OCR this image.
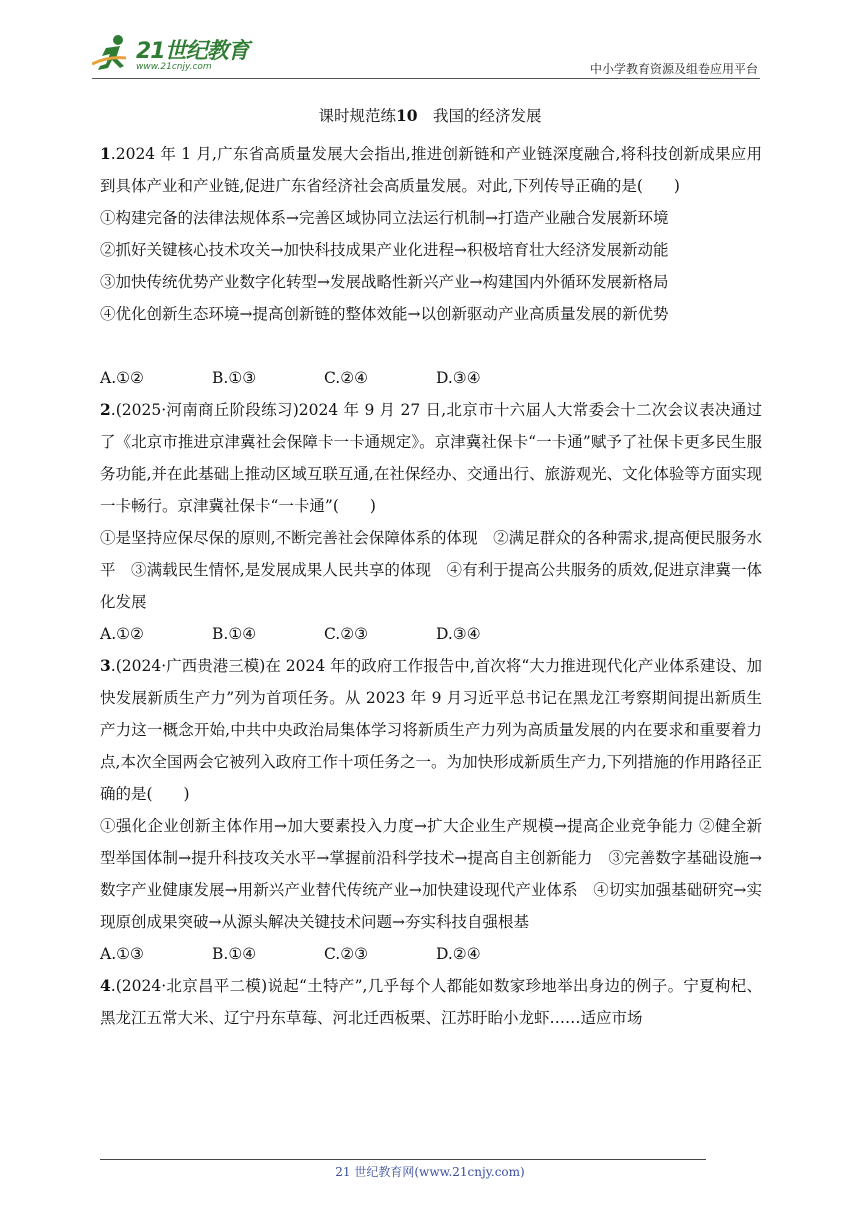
21世纪教育
www.21cnjy.com	中小学教育资源及组卷应用平台
课时规范练10　 我国的经济发展

1.2024 年 1 月,广东省高质量发展大会指出,推进创新链和产业链深度融合,将科技创新成果应用到具体产业和产业链,促进广东省经济社会高质量发展。对此,下列传导正确的是(　　)

①构建完备的法律法规体系→完善区域协同立法运行机制→打造产业融合发展新环境

②抓好关键核心技术攻关→加快科技成果产业化进程→积极培育壮大经济发展新动能

③加快传统优势产业数字化转型→发展战略性新兴产业→构建国内外循环发展新格局

④优化创新生态环境→提高创新链的整体效能→以创新驱动产业高质量发展的新优势

A.①②	B.①③	C.②④	D.③④

2.(2025·河南商丘阶段练习)2024 年 9 月 27 日,北京市十六届人大常委会十二次会议表决通过了《北京市推进京津冀社会保障卡一卡通规定》。京津冀社保卡“一卡通”赋予了社保卡更多民生服务功能,并在此基础上推动区域互联互通,在社保经办、交通出行、旅游观光、文化体验等方面实现一卡畅行。京津冀社保卡“一卡通”(　　)

①是坚持应保尽保的原则,不断完善社会保障体系的体现　②满足群众的各种需求,提高便民服务水平　③满载民生情怀,是发展成果人民共享的体现　④有利于提高公共服务的质效,促进京津冀一体化发展

A.①②	B.①④	C.②③	D.③④

3.(2024·广西贵港三模)在 2024 年的政府工作报告中,首次将“大力推进现代化产业体系建设、加快发展新质生产力”列为首项任务。从 2023 年 9 月习近平总书记在黑龙江考察期间提出新质生产力这一概念开始,中共中央政治局集体学习将新质生产力列为高质量发展的内在要求和重要着力点,本次全国两会它被列入政府工作十项任务之一。为加快形成新质生产力,下列措施的作用路径正确的是(　　)

①强化企业创新主体作用→加大要素投入力度→扩大企业生产规模→提高企业竞争能力 ②健全新型举国体制→提升科技攻关水平→掌握前沿科学技术→提高自主创新能力　③完善数字基础设施→数字产业健康发展→用新兴产业替代传统产业→加快建设现代产业体系　④切实加强基础研究→实现原创成果突破→从源头解决关键技术问题→夯实科技自强根基

A.①③	B.①④	C.②③	D.②④

4.(2024·北京昌平二模)说起“土特产”,几乎每个人都能如数家珍地举出身边的例子。宁夏枸杞、黑龙江五常大米、辽宁丹东草莓、河北迁西板栗、江苏盱眙小龙虾……适应市场

21 世纪教育网(www.21cnjy.com)
